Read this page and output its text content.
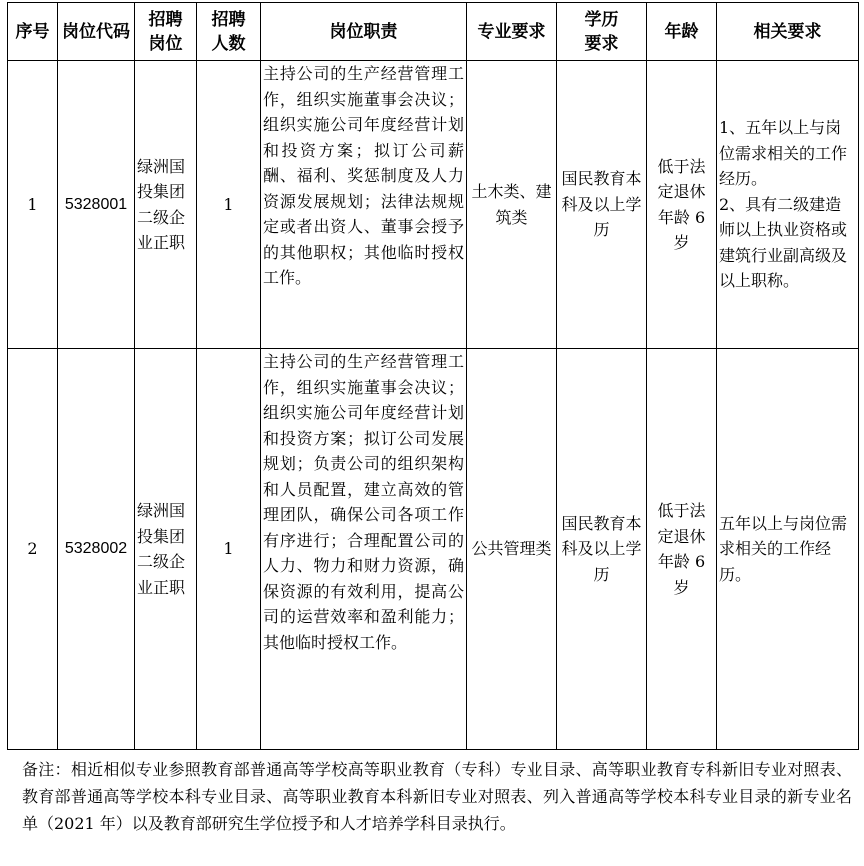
序号	岗位代码	招聘岗位	招聘人数	岗位职责	专业要求	学历要求	年龄	相关要求
1	5328001	绿洲国投集团二级企业正职	1	主持公司的生产经营管理工作，组织实施董事会决议；组织实施公司年度经营计划和投资方案；拟订公司薪酬、福利、奖惩制度及人力资源发展规划；法律法规规定或者出资人、董事会授予的其他职权；其他临时授权工作。	土木类、建筑类	国民教育本科及以上学历	低于法定退休年龄 6 岁	1、五年以上与岗位需求相关的工作经历。
2、具有二级建造师以上执业资格或建筑行业副高级及以上职称。

2	5328002	绿洲国投集团二级企业正职	1	主持公司的生产经营管理工作，组织实施董事会决议；组织实施公司年度经营计划和投资方案；拟订公司发展规划；负责公司的组织架构和人员配置，建立高效的管理团队，确保公司各项工作有序进行；合理配置公司的人力、物力和财力资源，确保资源的有效利用，提高公司的运营效率和盈利能力；其他临时授权工作。	公共管理类	国民教育本科及以上学历	低于法定退休年龄 6 岁	五年以上与岗位需求相关的工作经历。
备注：相近相似专业参照教育部普通高等学校高等职业教育（专科）专业目录、高等职业教育专科新旧专业对照表、教育部普通高等学校本科专业目录、高等职业教育本科新旧专业对照表、列入普通高等学校本科专业目录的新专业名单（2021 年）以及教育部研究生学位授予和人才培养学科目录执行。
